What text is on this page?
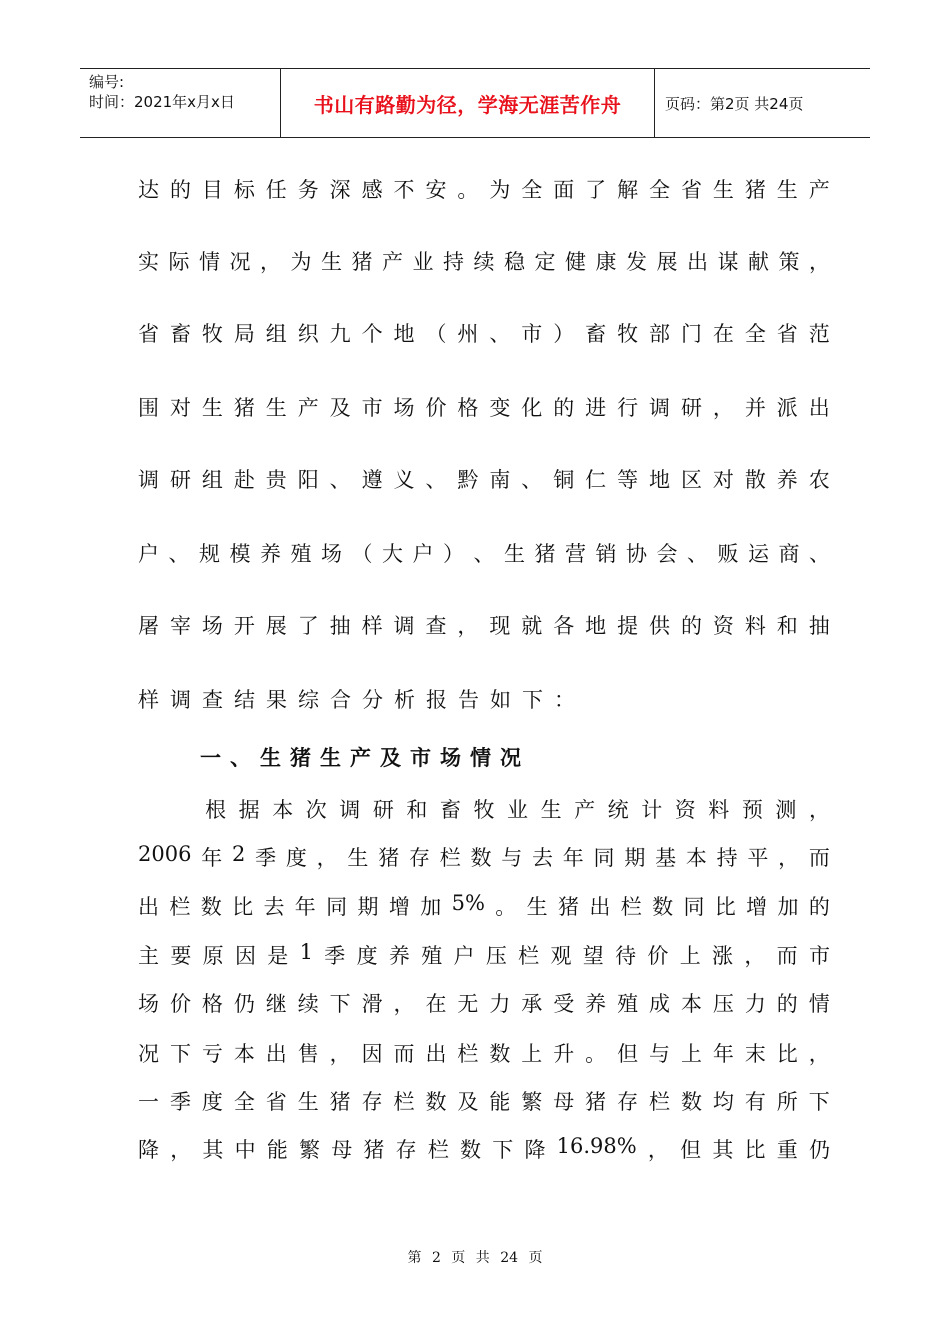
编号:
时间：2021年x月x日	书山有路勤为径，学海无涯苦作舟	页码：第2页 共24页
达 的 目 标 任 务 深 感 不 安 。 为 全 面 了 解 全 省 生 猪 生 产
实 际 情 况 ， 为 生 猪 产 业 持 续 稳 定 健 康 发 展 出 谋 献 策 ，
省 畜 牧 局 组 织 九 个 地 （ 州 、 市 ） 畜 牧 部 门 在 全 省 范
围 对 生 猪 生 产 及 市 场 价 格 变 化 的 进 行 调 研 ， 并 派 出
调 研 组 赴 贵 阳 、 遵 义 、 黔 南 、 铜 仁 等 地 区 对 散 养 农
户 、 规 模 养 殖 场 （ 大 户 ） 、 生 猪 营 销 协 会 、 贩 运 商 、
屠 宰 场 开 展 了 抽 样 调 查 ， 现 就 各 地 提 供 的 资 料 和 抽
样调查结果综合分析报告如下：
一、生猪生产及市场情况

根 据 本 次 调 研 和 畜 牧 业 生 产 统 计 资 料 预 测 ，
2006 年 2 季 度 ， 生 猪 存 栏 数 与 去 年 同 期 基 本 持 平 ， 而
出 栏 数 比 去 年 同 期 增 加 5% 。 生 猪 出 栏 数 同 比 增 加 的
主 要 原 因 是 1 季 度 养 殖 户 压 栏 观 望 待 价 上 涨 ， 而 市
场 价 格 仍 继 续 下 滑 ， 在 无 力 承 受 养 殖 成 本 压 力 的 情
况 下 亏 本 出 售 ， 因 而 出 栏 数 上 升 。 但 与 上 年 末 比 ，
一 季 度 全 省 生 猪 存 栏 数 及 能 繁 母 猪 存 栏 数 均 有 所 下
降 ， 其 中 能 繁 母 猪 存 栏 数 下 降 16.98% ， 但 其 比 重 仍
第 2 页 共 24 页
